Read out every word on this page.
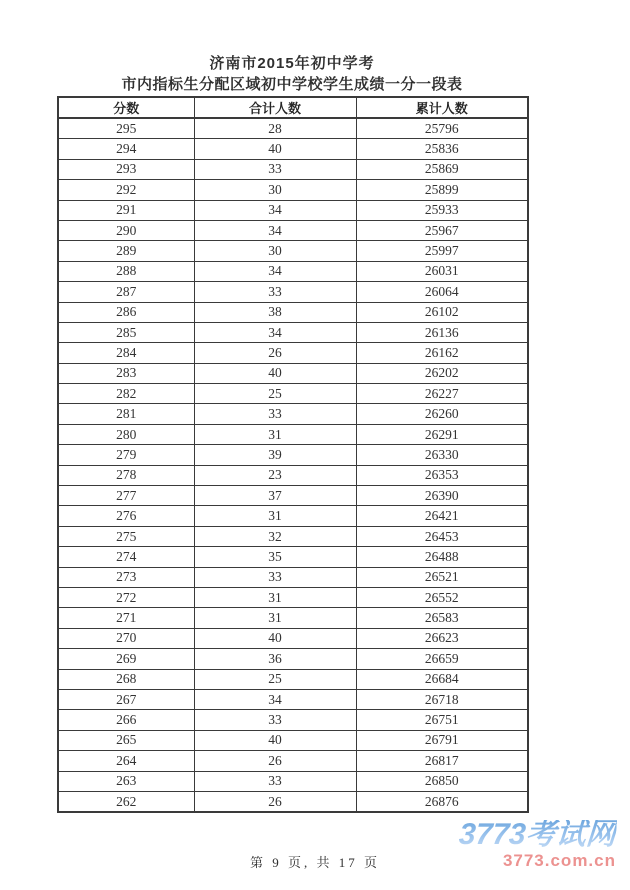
济南市2015年初中学考
市内指标生分配区域初中学校学生成绩一分一段表
分数	合计人数	累计人数
295	28	25796
294	40	25836
293	33	25869
292	30	25899
291	34	25933
290	34	25967
289	30	25997
288	34	26031
287	33	26064
286	38	26102
285	34	26136
284	26	26162
283	40	26202
282	25	26227
281	33	26260
280	31	26291
279	39	26330
278	23	26353
277	37	26390
276	31	26421
275	32	26453
274	35	26488
273	33	26521
272	31	26552
271	31	26583
270	40	26623
269	36	26659
268	25	26684
267	34	26718
266	33	26751
265	40	26791
264	26	26817
263	33	26850
262	26	26876
第 9 页, 共 17 页
3773考试网
3773.com.cn
